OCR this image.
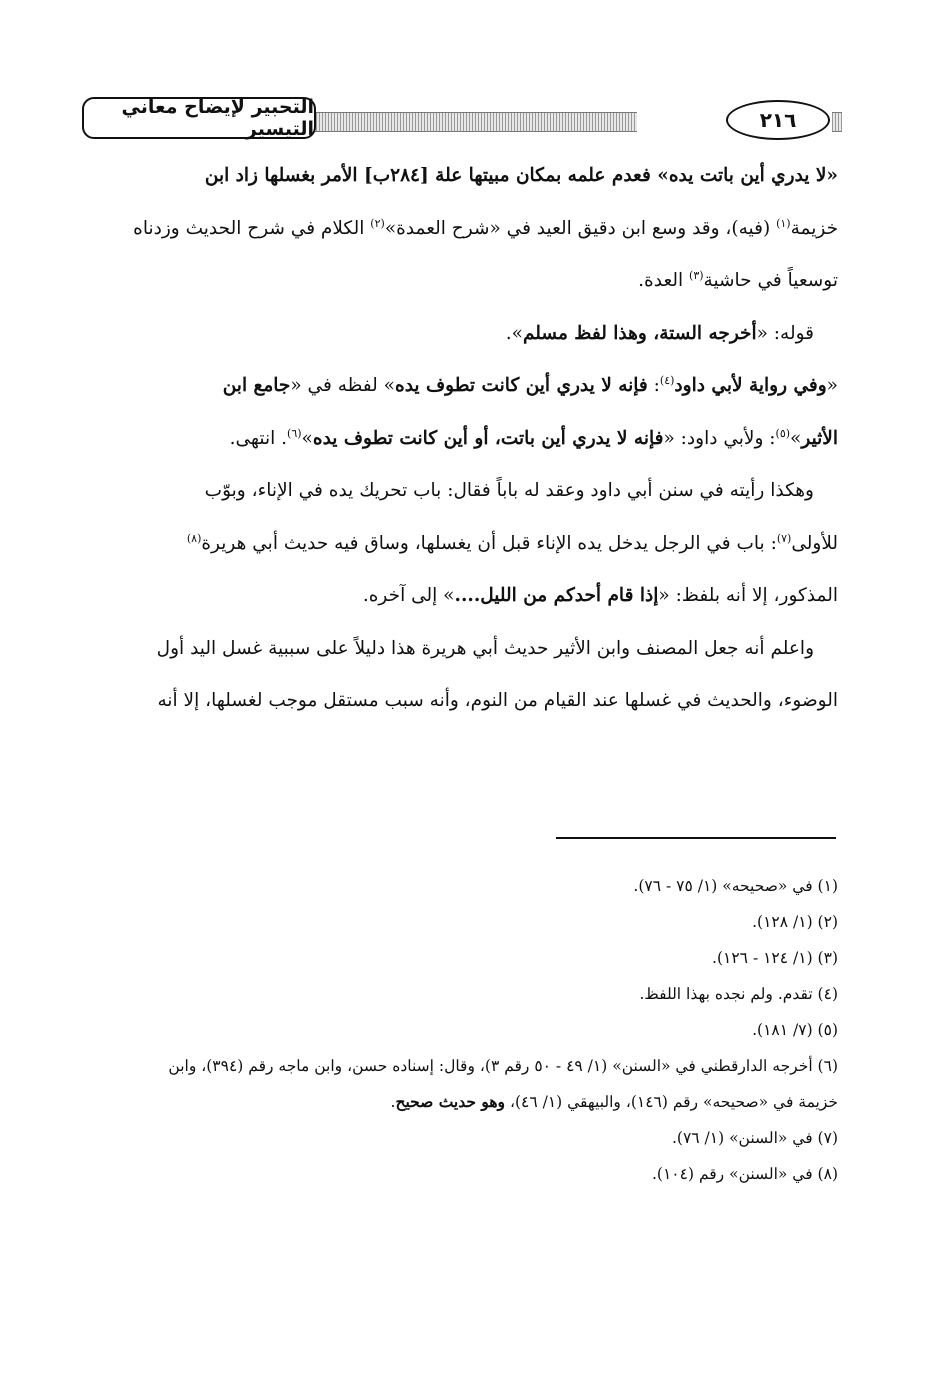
التحبير لإيضاح معاني التيسير	٢١٦

«لا يدري أين باتت يده» فعدم علمه بمكان مبيتها علة [٢٨٤ب] الأمر بغسلها زاد ابن

خزيمة$^{(١)}$ (فيه)، وقد وسع ابن دقيق العيد في «شرح العمدة»$^{(٢)}$ الكلام في شرح الحديث وزدناه

توسعياً في حاشية$^{(٣)}$ العدة.

قوله: «أخرجه الستة، وهذا لفظ مسلم».

«وفي رواية لأبي داود$^{(٤)}$: فإنه لا يدري أين كانت تطوف يده» لفظه في «جامع ابن

الأثير»$^{(٥)}$: ولأبي داود: «فإنه لا يدري أين باتت، أو أين كانت تطوف يده»$^{(٦)}$. انتهى.

وهكذا رأيته في سنن أبي داود وعقد له باباً فقال: باب تحريك يده في الإناء، وبوّب

للأولى$^{(٧)}$: باب في الرجل يدخل يده الإناء قبل أن يغسلها، وساق فيه حديث أبي هريرة$^{(٨)}$

المذكور، إلا أنه بلفظ: «إذا قام أحدكم من الليل....» إلى آخره.

واعلم أنه جعل المصنف وابن الأثير حديث أبي هريرة هذا دليلاً على سببية غسل اليد أول

الوضوء، والحديث في غسلها عند القيام من النوم، وأنه سبب مستقل موجب لغسلها، إلا أنه

(١) في «صحيحه» (١/ ٧٥ - ٧٦).

(٢) (١/ ١٢٨).

(٣) (١/ ١٢٤ - ١٢٦).

(٤) تقدم. ولم نجده بهذا اللفظ.

(٥) (٧/ ١٨١).

(٦) أخرجه الدارقطني في «السنن» (١/ ٤٩ - ٥٠ رقم ٣)، وقال: إسناده حسن، وابن ماجه رقم (٣٩٤)، وابن

خزيمة في «صحيحه» رقم (١٤٦)، والبيهقي (١/ ٤٦)، وهو حديث صحيح.

(٧) في «السنن» (١/ ٧٦).

(٨) في «السنن» رقم (١٠٤).
